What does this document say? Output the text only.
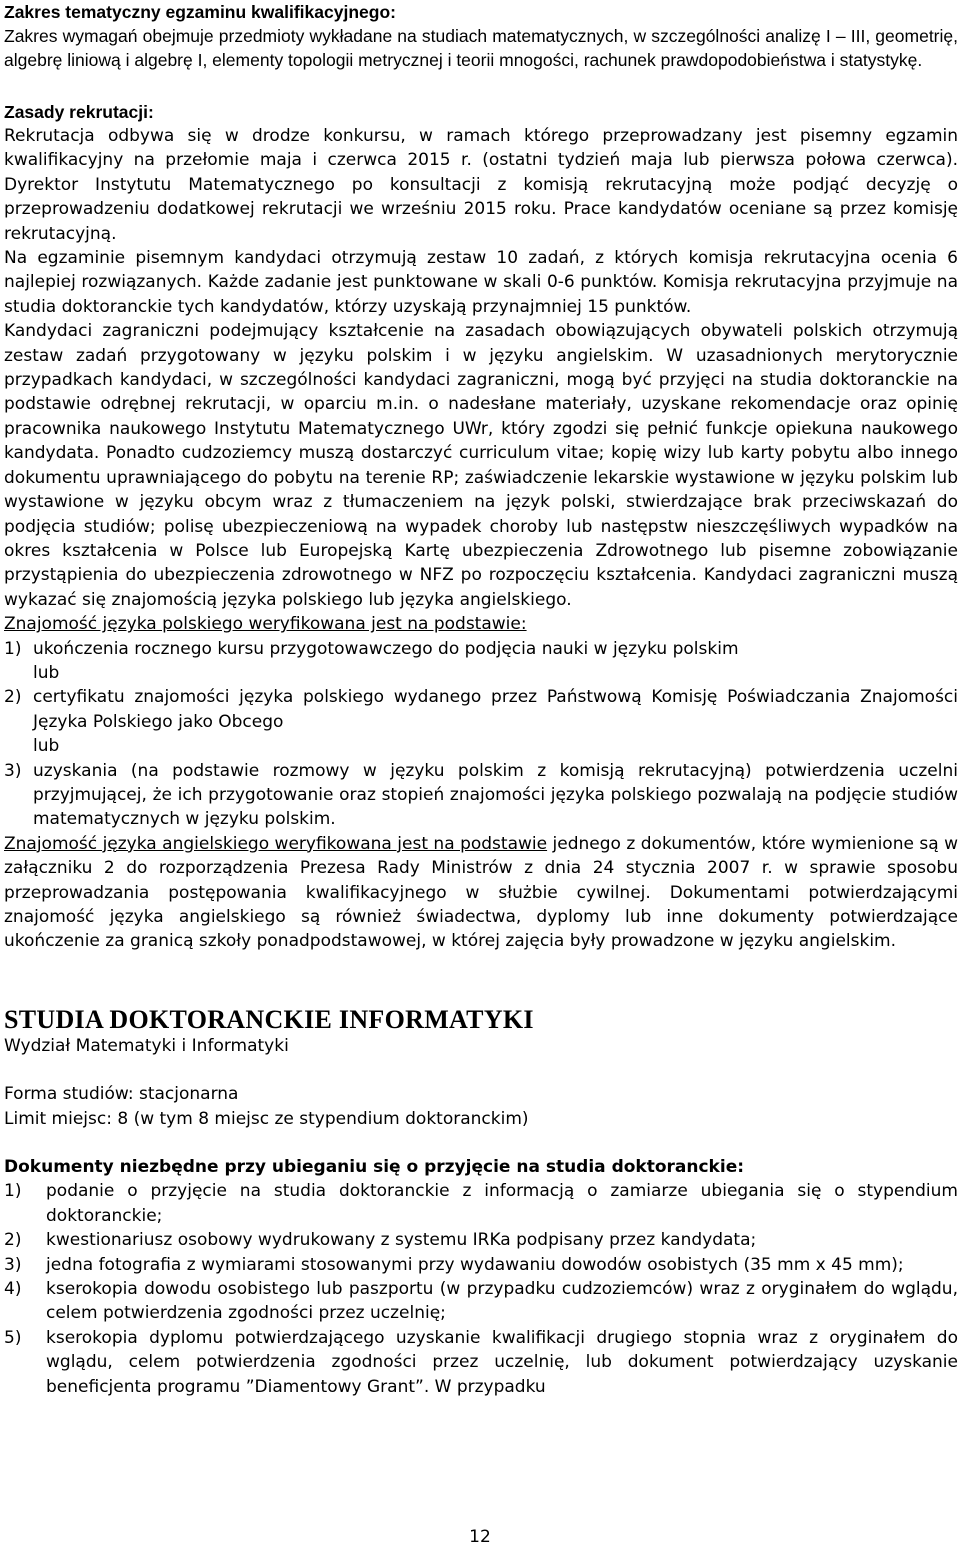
Zakres tematyczny egzaminu kwalifikacyjnego:

Zakres wymagań obejmuje przedmioty wykładane na studiach matematycznych, w szczególności analizę I – III, geometrię, algebrę liniową i algebrę I, elementy topologii metrycznej i teorii mnogości, rachunek prawdopodobieństwa i statystykę.

Zasady rekrutacji:

Rekrutacja odbywa się w drodze konkursu, w ramach którego przeprowadzany jest pisemny egzamin kwalifikacyjny na przełomie maja i czerwca 2015 r. (ostatni tydzień maja lub pierwsza połowa czerwca). Dyrektor Instytutu Matematycznego po konsultacji z komisją rekrutacyjną może podjąć decyzję o przeprowadzeniu dodatkowej rekrutacji we wrześniu 2015 roku. Prace kandydatów oceniane są przez komisję rekrutacyjną.

Na egzaminie pisemnym kandydaci otrzymują zestaw 10 zadań, z których komisja rekrutacyjna ocenia 6 najlepiej rozwiązanych. Każde zadanie jest punktowane w skali 0-6 punktów. Komisja rekrutacyjna przyjmuje na studia doktoranckie tych kandydatów, którzy uzyskają przynajmniej 15 punktów.

Kandydaci zagraniczni podejmujący kształcenie na zasadach obowiązujących obywateli polskich otrzymują zestaw zadań przygotowany w języku polskim i w języku angielskim. W uzasadnionych merytorycznie przypadkach kandydaci, w szczególności kandydaci zagraniczni, mogą być przyjęci na studia doktoranckie na podstawie odrębnej rekrutacji, w oparciu m.in. o nadesłane materiały, uzyskane rekomendacje oraz opinię pracownika naukowego Instytutu Matematycznego UWr, który zgodzi się pełnić funkcje opiekuna naukowego kandydata. Ponadto cudzoziemcy muszą dostarczyć curriculum vitae; kopię wizy lub karty pobytu albo innego dokumentu uprawniającego do pobytu na terenie RP; zaświadczenie lekarskie wystawione w języku polskim lub wystawione w języku obcym wraz z tłumaczeniem na język polski, stwierdzające brak przeciwskazań do podjęcia studiów; polisę ubezpieczeniową na wypadek choroby lub następstw nieszczęśliwych wypadków na okres kształcenia w Polsce lub Europejską Kartę ubezpieczenia Zdrowotnego lub pisemne zobowiązanie przystąpienia do ubezpieczenia zdrowotnego w NFZ po rozpoczęciu kształcenia. Kandydaci zagraniczni muszą wykazać się znajomością języka polskiego lub języka angielskiego.

Znajomość języka polskiego weryfikowana jest na podstawie:

1) ukończenia rocznego kursu przygotowawczego do podjęcia nauki w języku polskim

lub

2) certyfikatu znajomości języka polskiego wydanego przez Państwową Komisję Poświadczania Znajomości Języka Polskiego jako Obcego

lub

3) uzyskania (na podstawie rozmowy w języku polskim z komisją rekrutacyjną) potwierdzenia uczelni przyjmującej, że ich przygotowanie oraz stopień znajomości języka polskiego pozwalają na podjęcie studiów matematycznych w języku polskim.

Znajomość języka angielskiego weryfikowana jest na podstawie jednego z dokumentów, które wymienione są w załączniku 2 do rozporządzenia Prezesa Rady Ministrów z dnia 24 stycznia 2007 r. w sprawie sposobu przeprowadzania postępowania kwalifikacyjnego w służbie cywilnej. Dokumentami potwierdzającymi znajomość języka angielskiego są również świadectwa, dyplomy lub inne dokumenty potwierdzające ukończenie za granicą szkoły ponadpodstawowej, w której zajęcia były prowadzone w języku angielskim.

STUDIA DOKTORANCKIE INFORMATYKI

Wydział Matematyki i Informatyki

Forma studiów: stacjonarna

Limit miejsc: 8 (w tym 8 miejsc ze stypendium doktoranckim)

Dokumenty niezbędne przy ubieganiu się o przyjęcie na studia doktoranckie:

1)	podanie o przyjęcie na studia doktoranckie z informacją o zamiarze ubiegania się o stypendium doktoranckie;
2)	kwestionariusz osobowy wydrukowany z systemu IRKa podpisany przez kandydata;
3)	jedna fotografia z wymiarami stosowanymi przy wydawaniu dowodów osobistych (35 mm x 45 mm);
4)	kserokopia dowodu osobistego lub paszportu (w przypadku cudzoziemców) wraz z oryginałem do wglądu, celem potwierdzenia zgodności przez uczelnię;
5)	kserokopia dyplomu potwierdzającego uzyskanie kwalifikacji drugiego stopnia wraz z oryginałem do wglądu, celem potwierdzenia zgodności przez uczelnię, lub dokument potwierdzający uzyskanie beneficjenta programu ”Diamentowy Grant”. W przypadku
12
